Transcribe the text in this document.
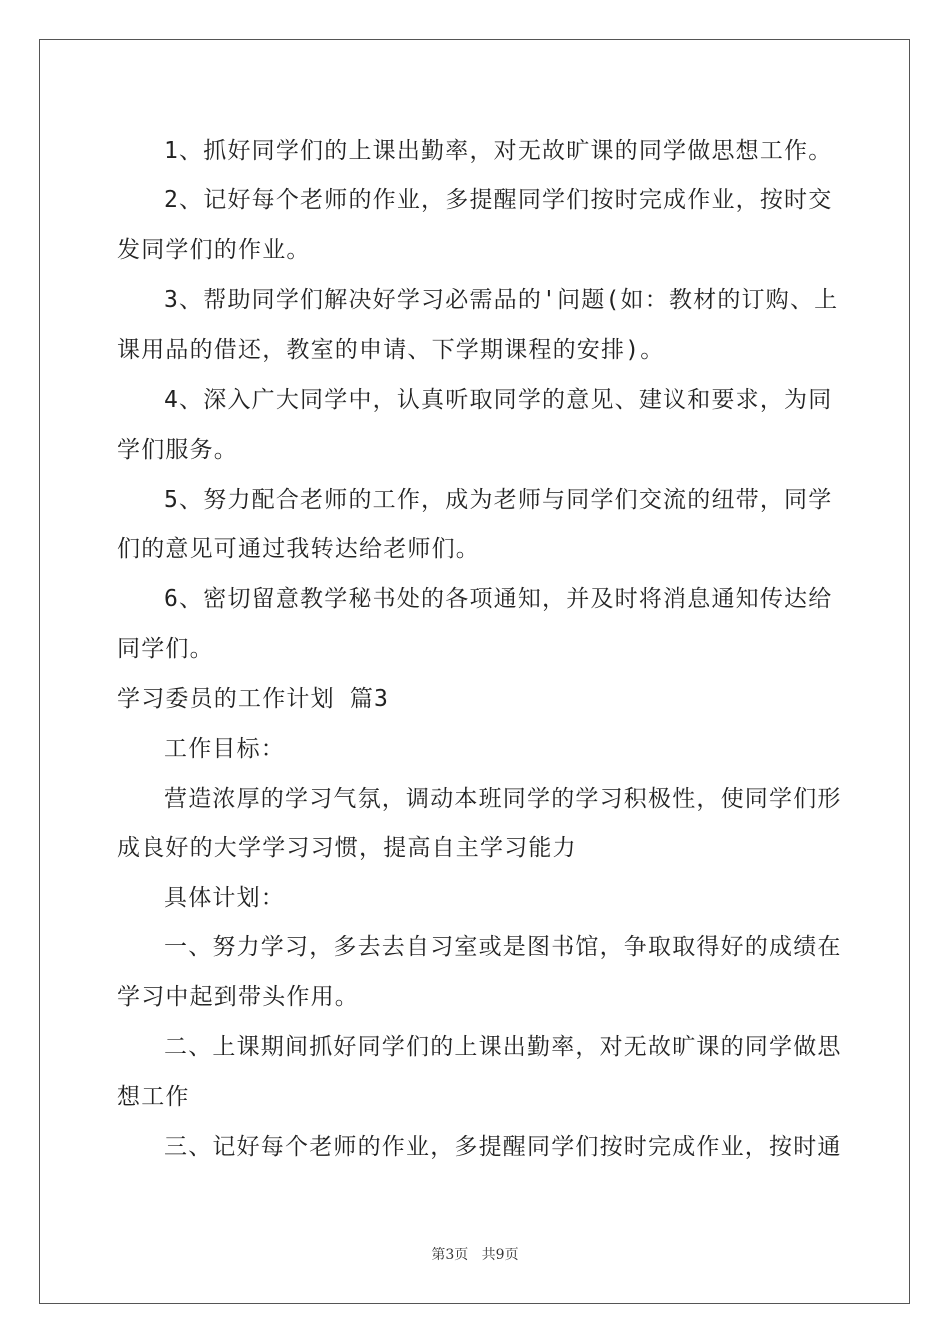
1、抓好同学们的上课出勤率，对无故旷课的同学做思想工作。
2、记好每个老师的作业，多提醒同学们按时完成作业，按时交
发同学们的作业。
3、帮助同学们解决好学习必需品的'问题(如：教材的订购、上
课用品的借还，教室的申请、下学期课程的安排)。
4、深入广大同学中，认真听取同学的意见、建议和要求，为同
学们服务。
5、努力配合老师的工作，成为老师与同学们交流的纽带，同学
们的意见可通过我转达给老师们。
6、密切留意教学秘书处的各项通知，并及时将消息通知传达给
同学们。
学习委员的工作计划 篇3
工作目标：
营造浓厚的学习气氛，调动本班同学的学习积极性，使同学们形
成良好的大学学习习惯，提高自主学习能力
具体计划：
一、努力学习，多去去自习室或是图书馆，争取取得好的成绩在
学习中起到带头作用。
二、上课期间抓好同学们的上课出勤率，对无故旷课的同学做思
想工作
三、记好每个老师的作业，多提醒同学们按时完成作业，按时通
第3页 共9页
